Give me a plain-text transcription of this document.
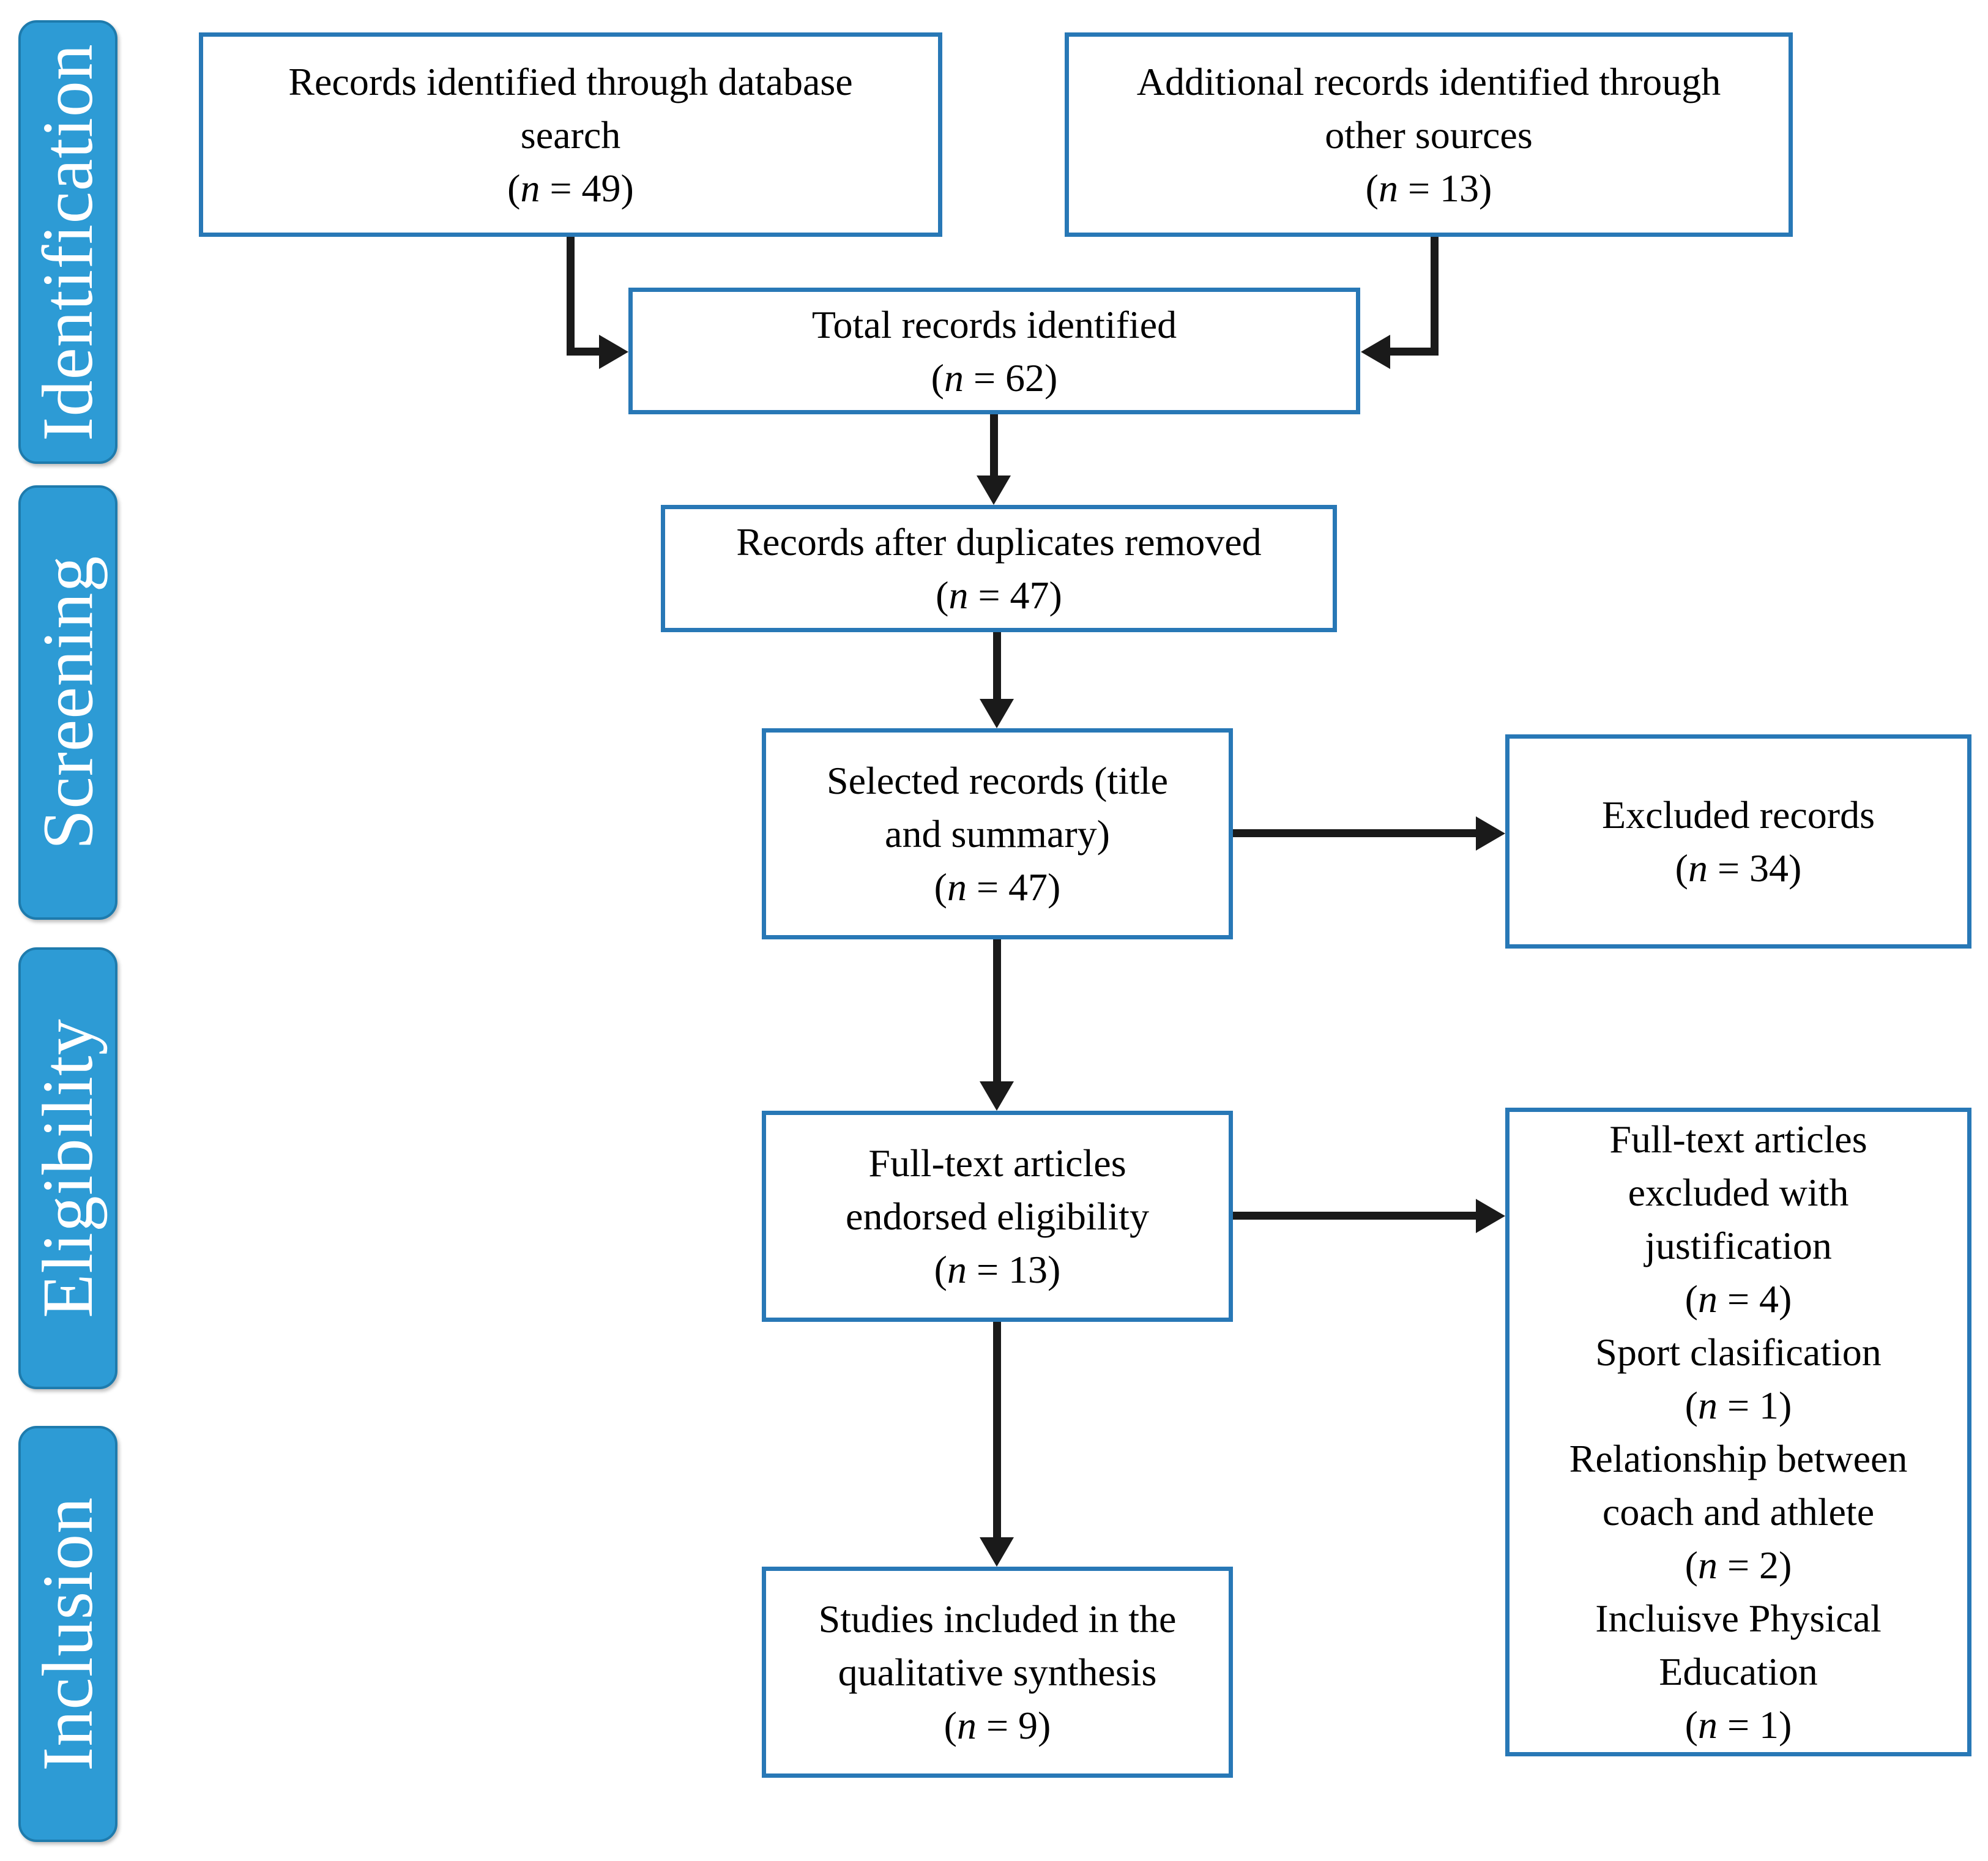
Identification
Screening
Eligibility
Inclusion
Records identified through database
search
(n = 49)
Additional records identified through
other sources
(n = 13)
Total records identified
(n = 62)
Records after duplicates removed
(n = 47)
Selected records (title
and summary)
(n = 47)
Excluded records
(n = 34)
Full-text articles
endorsed eligibility
(n = 13)
Full-text articles
excluded with
justification
(n = 4)
Sport clasification
(n = 1)
Relationship between
coach and athlete
(n = 2)
Incluisve Physical
Education
(n = 1)
Studies included in the
qualitative synthesis
(n = 9)
